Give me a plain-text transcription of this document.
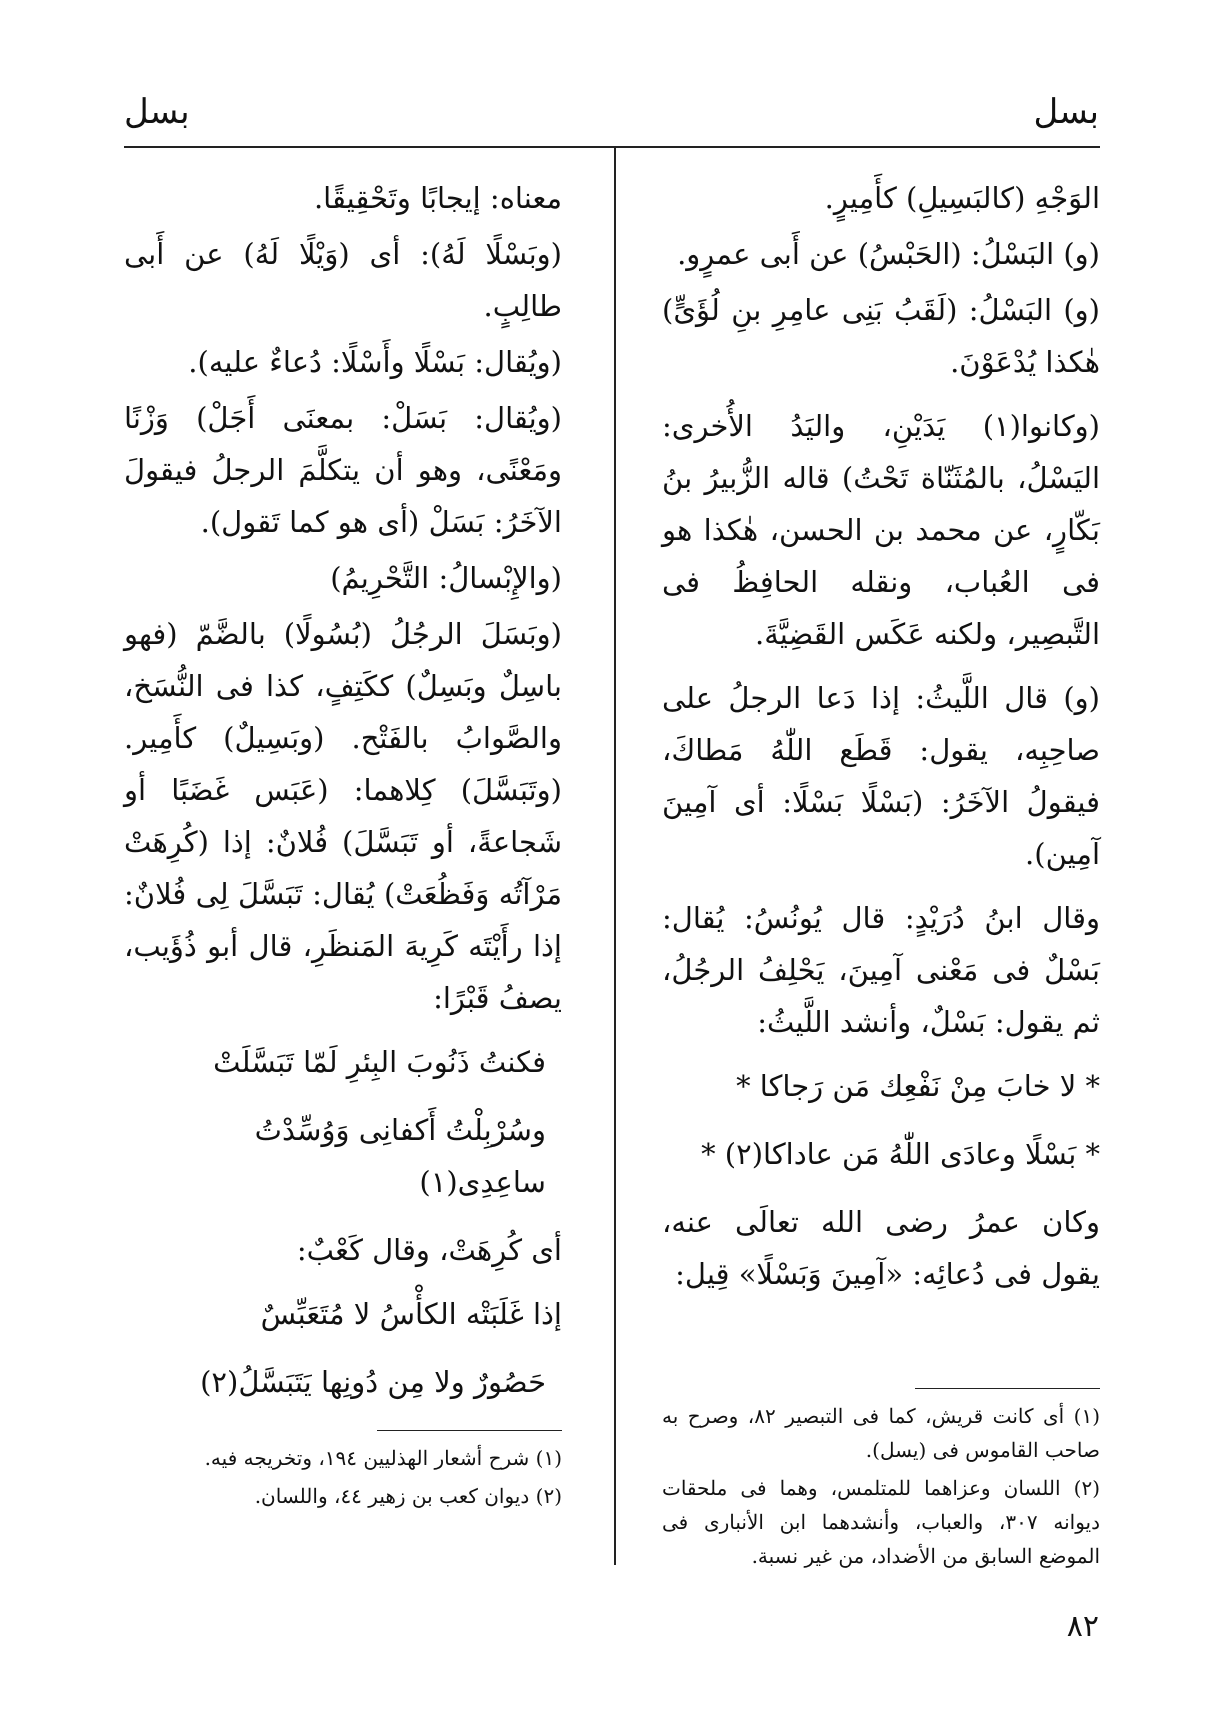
بسل
بسل

الوَجْهِ (كالبَسِيلِ) كأَمِيرٍ.

(و) البَسْلُ: (الحَبْسُ) عن أَبى عمرٍو.

(و) البَسْلُ: (لَقَبُ بَنِى عامِرِ بنِ لُؤَىٍّ) هٰكذا يُدْعَوْنَ.

(وكانوا(١) يَدَيْنِ، واليَدُ الأُخرى: اليَسْلُ، بالمُثَنّاة تَحْتُ) قاله الزُّبيرُ بنُ بَكّارٍ، عن محمد بن الحسن، هٰكذا هو فى العُباب، ونقله الحافِظُ فى التَّبصِير، ولكنه عَكَس القَضِيَّةَ.

(و) قال اللَّيثُ: إذا دَعا الرجلُ على صاحِبِه، يقول: قَطَع اللّٰهُ مَطاكَ، فيقولُ الآخَرُ: (بَسْلًا بَسْلًا: أى آمِينَ آمِين).

وقال ابنُ دُرَيْدٍ: قال يُونُسُ: يُقال: بَسْلٌ فى مَعْنى آمِينَ، يَحْلِفُ الرجُلُ، ثم يقول: بَسْلٌ، وأنشد اللَّيثُ:

* لا خابَ مِنْ نَفْعِك مَن رَجاكا *

* بَسْلًا وعادَى اللّٰهُ مَن عاداكا(٢) *

وكان عمرُ رضى الله تعالَى عنه، يقول فى دُعائِه: «آمِينَ وَبَسْلًا» قِيل:

(١) أى كانت قريش، كما فى التبصير ٨٢، وصرح به صاحب القاموس فى (يسل).

(٢) اللسان وعزاهما للمتلمس، وهما فى ملحقات ديوانه ٣٠٧، والعباب، وأنشدهما ابن الأنبارى فى الموضع السابق من الأضداد، من غير نسبة.

معناه: إيجابًا وتَحْقِيقًا.

(وبَسْلًا لَهُ): أى (وَيْلًا لَهُ) عن أَبى طالِبٍ.

(ويُقال: بَسْلًا وأَسْلًا: دُعاءٌ عليه).

(ويُقال: بَسَلْ: بمعنَى أَجَلْ) وَزْنًا ومَعْنًى، وهو أن يتكلَّمَ الرجلُ فيقولَ الآخَرُ: بَسَلْ (أى هو كما تَقول).

(والإِبْسالُ: التَّحْرِيمُ)

(وبَسَلَ الرجُلُ (بُسُولًا) بالضَّمّ (فهو باسِلٌ وبَسِلٌ) ككَتِفٍ، كذا فى النُّسَخ، والصَّوابُ بالفَتْح. (وبَسِيلٌ) كأَمِير. (وتَبَسَّلَ) كِلاهما: (عَبَس غَضَبًا أو شَجاعةً، أو تَبَسَّلَ) فُلانٌ: إذا (كُرِهَتْ مَرْآتُه وَفَظُعَتْ) يُقال: تَبَسَّلَ لِى فُلانٌ: إذا رأَيْتَه كَرِيهَ المَنظَرِ، قال أبو ذُؤَيب، يصفُ قَبْرًا:

فكنتُ ذَنُوبَ البِئرِ لَمّا تَبَسَّلَتْ

وسُرْبِلْتُ أَكفانِى وَوُسِّدْتُ ساعِدِى(١)

أى كُرِهَتْ، وقال كَعْبٌ:

إذا غَلَبَتْه الكأْسُ لا مُتَعَبِّسٌ

حَصُورٌ ولا مِن دُونِها يَتَبَسَّلُ(٢)

(١) شرح أشعار الهذليين ١٩٤، وتخريجه فيه.

(٢) ديوان كعب بن زهير ٤٤، واللسان.

٨٢
